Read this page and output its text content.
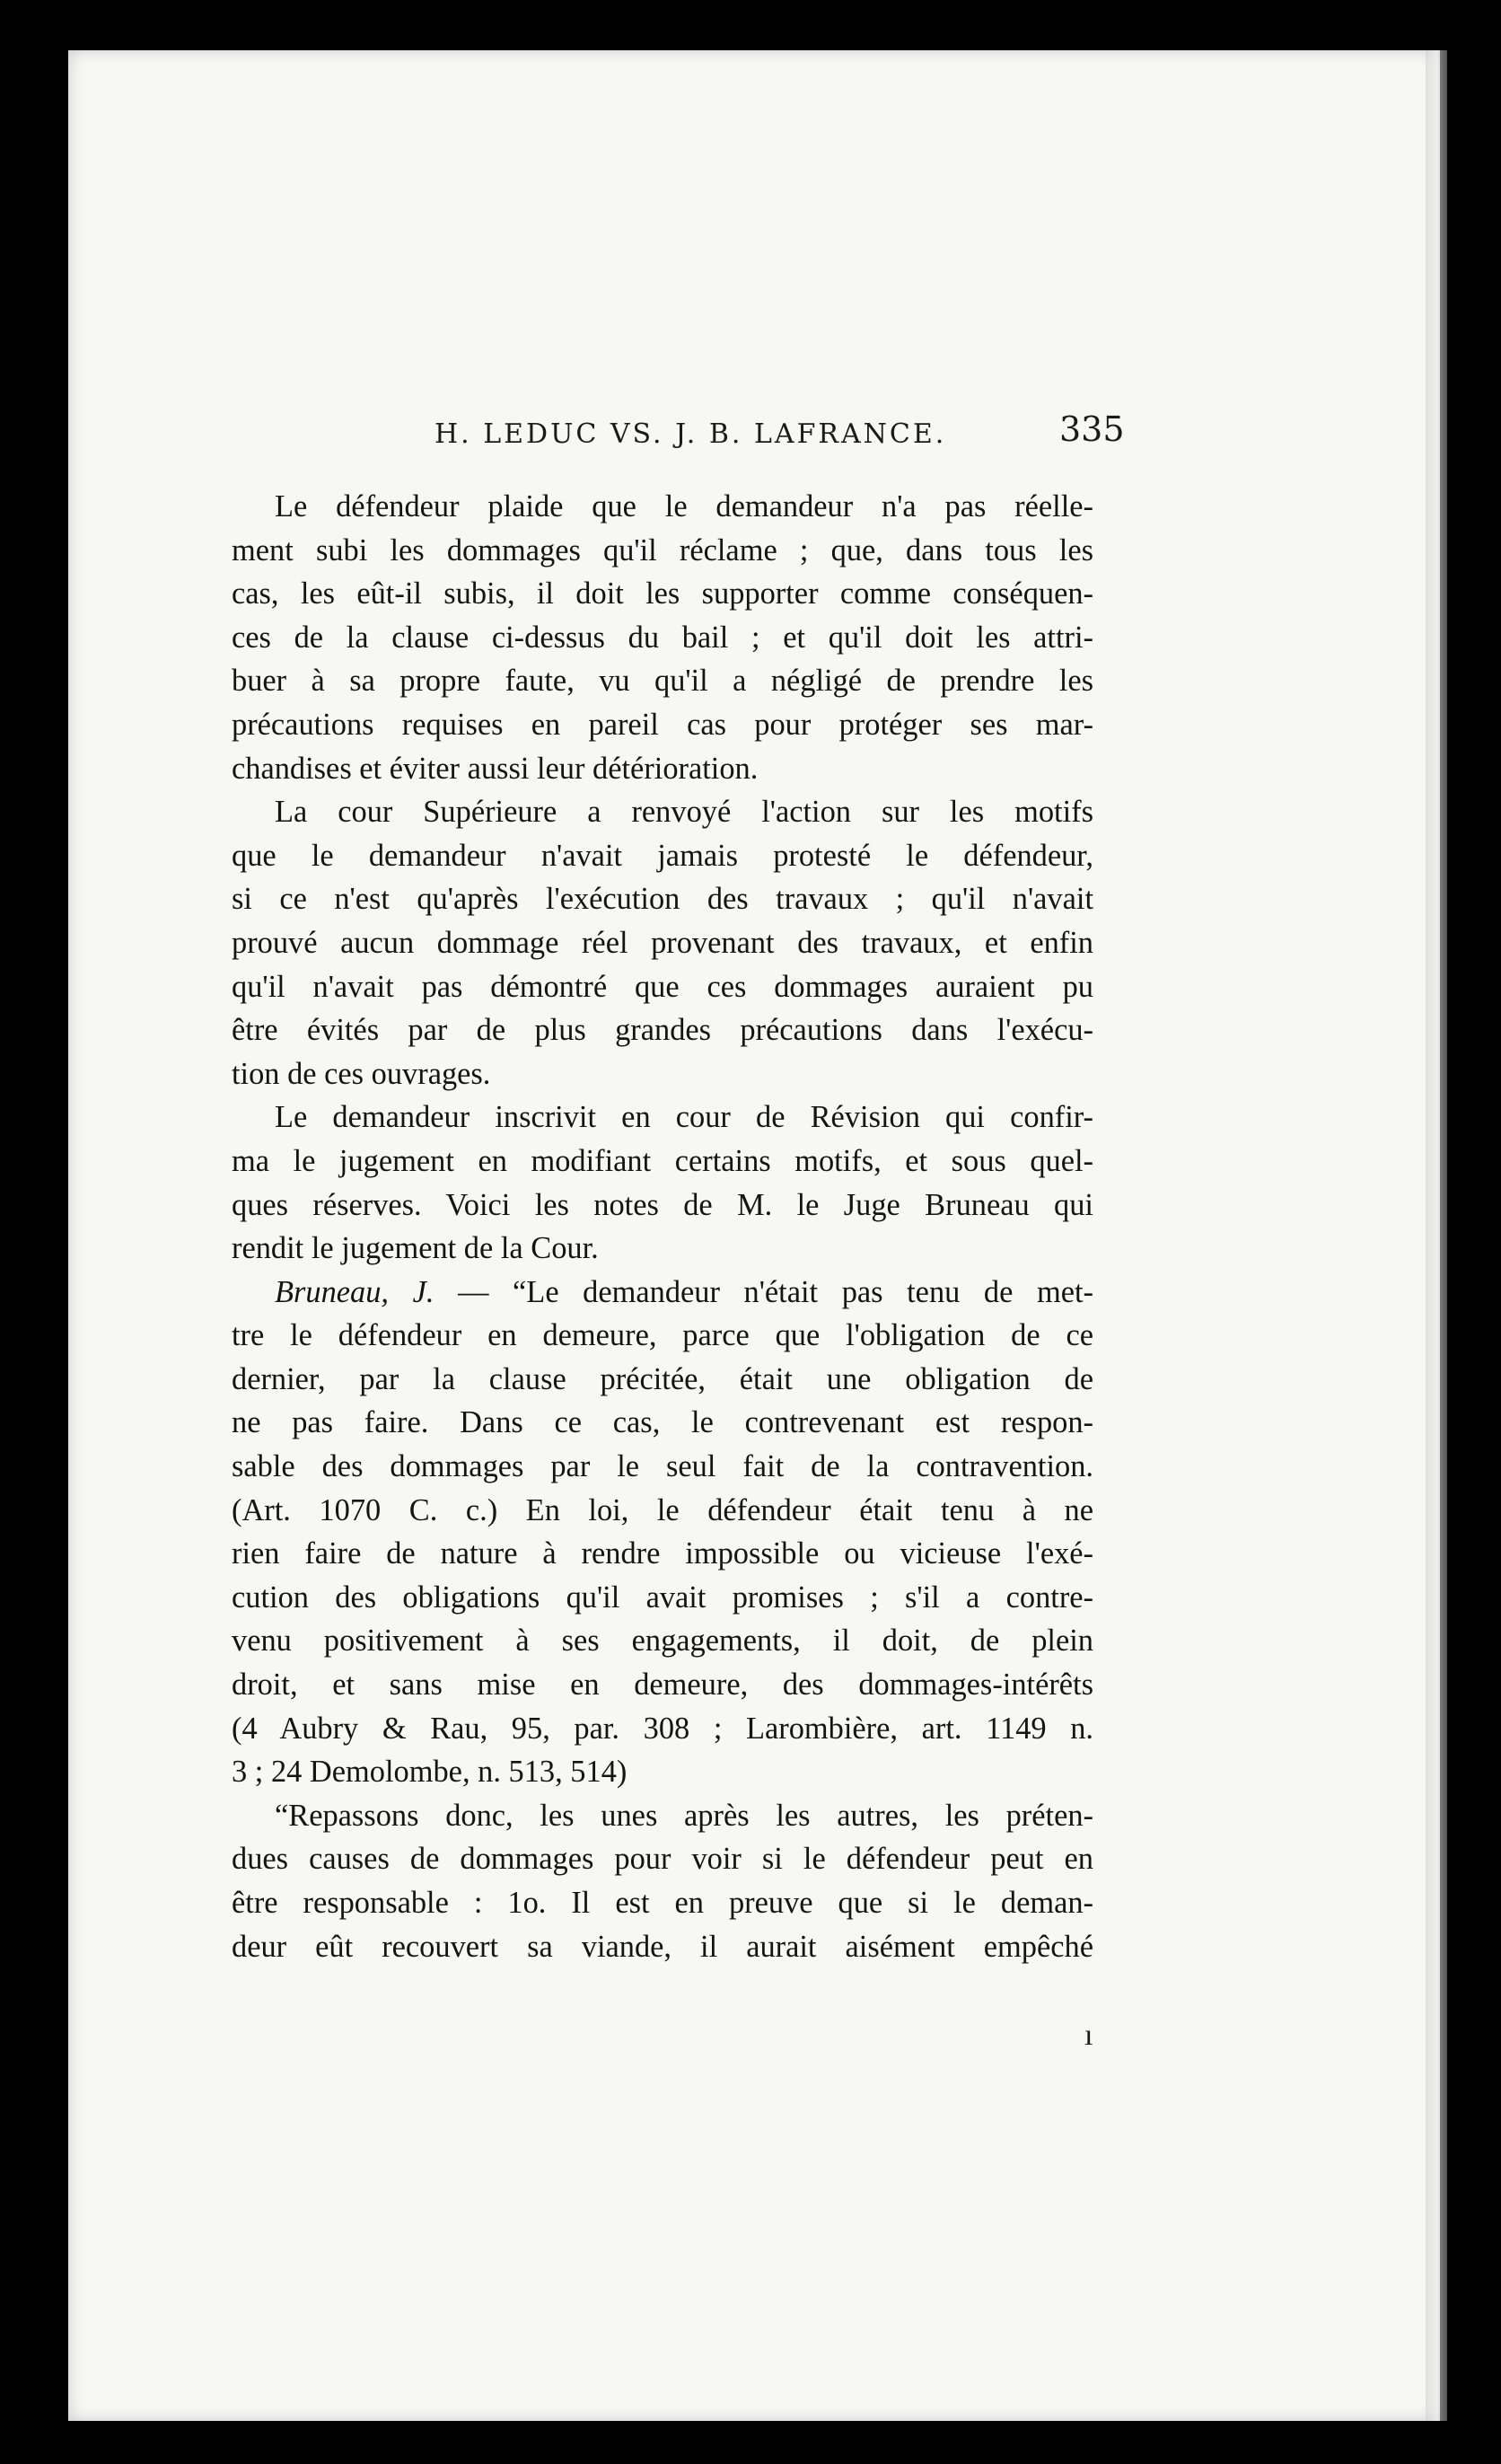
H. LEDUC VS. J. B. LAFRANCE.	335
Le défendeur plaide que le demandeur n'a pas réelle-
ment subi les dommages qu'il réclame ; que, dans tous les
cas, les eût-il subis, il doit les supporter comme conséquen-
ces de la clause ci-dessus du bail ; et qu'il doit les attri-
buer à sa propre faute, vu qu'il a négligé de prendre les
précautions requises en pareil cas pour protéger ses mar-
chandises et éviter aussi leur détérioration.
La cour Supérieure a renvoyé l'action sur les motifs
que le demandeur n'avait jamais protesté le défendeur,
si ce n'est qu'après l'exécution des travaux ; qu'il n'avait
prouvé aucun dommage réel provenant des travaux, et enfin
qu'il n'avait pas démontré que ces dommages auraient pu
être évités par de plus grandes précautions dans l'exécu-
tion de ces ouvrages.
Le demandeur inscrivit en cour de Révision qui confir-
ma le jugement en modifiant certains motifs, et sous quel-
ques réserves. Voici les notes de M. le Juge Bruneau qui
rendit le jugement de la Cour.
Bruneau, J. — “Le demandeur n'était pas tenu de met-
tre le défendeur en demeure, parce que l'obligation de ce
dernier, par la clause précitée, était une obligation de
ne pas faire. Dans ce cas, le contrevenant est respon-
sable des dommages par le seul fait de la contravention.
(Art. 1070 C. c.) En loi, le défendeur était tenu à ne
rien faire de nature à rendre impossible ou vicieuse l'exé-
cution des obligations qu'il avait promises ; s'il a contre-
venu positivement à ses engagements, il doit, de plein
droit, et sans mise en demeure, des dommages-intérêts
(4 Aubry & Rau, 95, par. 308 ; Larombière, art. 1149 n.
3 ; 24 Demolombe, n. 513, 514)
“Repassons donc, les unes après les autres, les préten-
dues causes de dommages pour voir si le défendeur peut en
être responsable : 1o. Il est en preuve que si le deman-
deur eût recouvert sa viande, il aurait aisément empêché
ı
